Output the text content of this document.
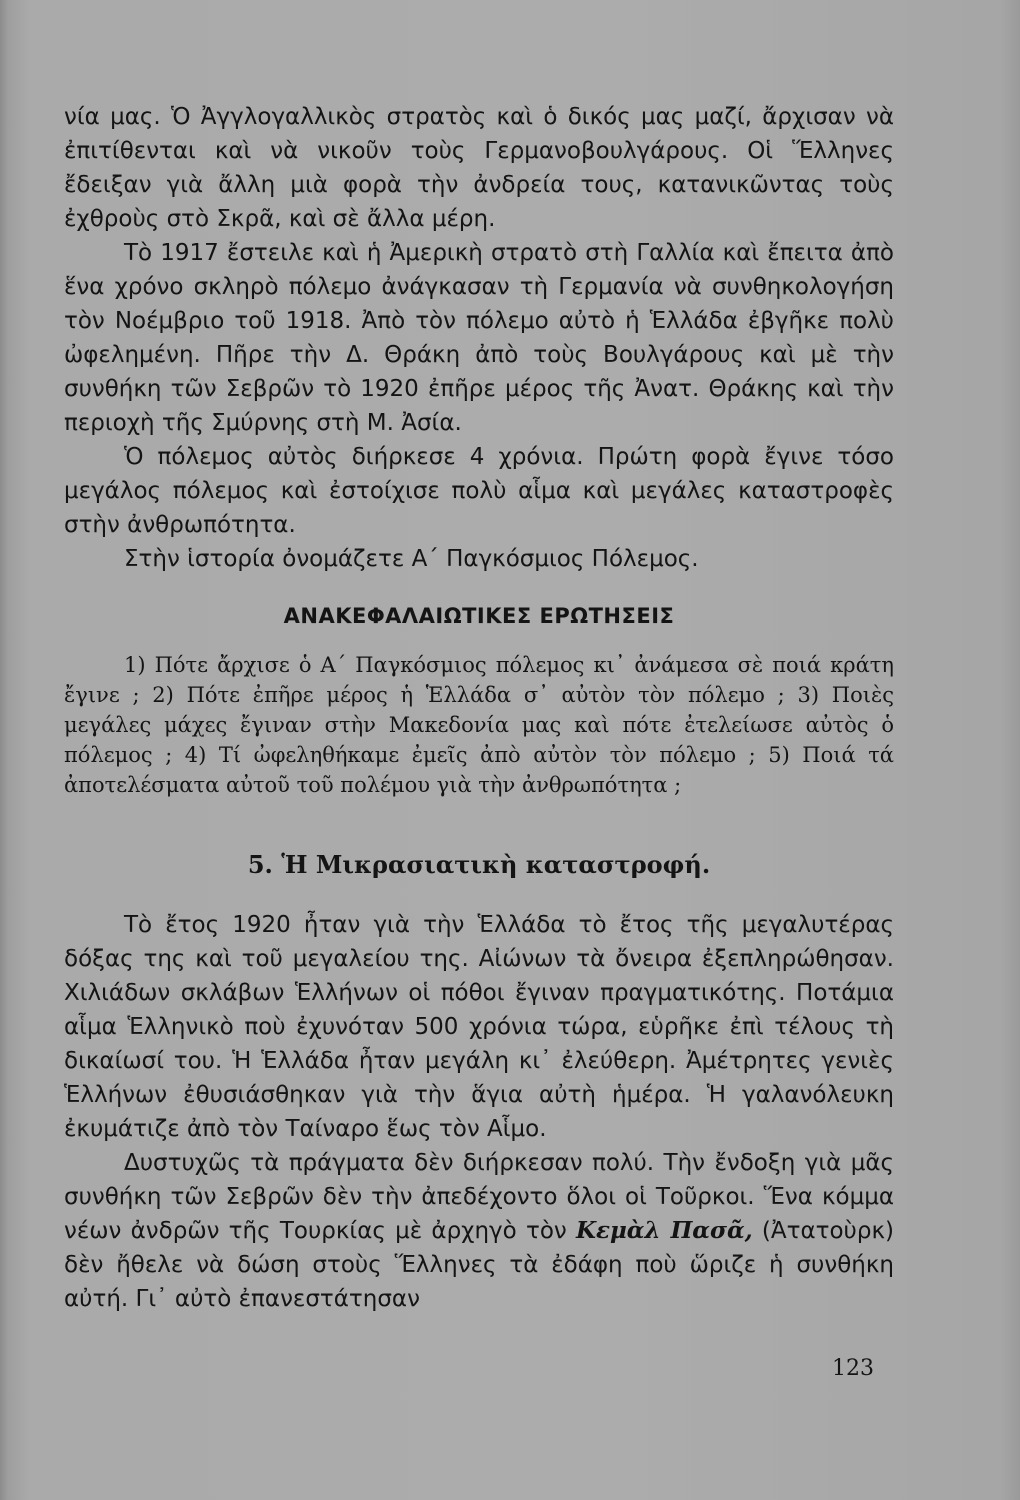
νία μας. Ὁ Ἀγγλογαλλικὸς στρατὸς καὶ ὁ δικός μας μαζί, ἄρχισαν νὰ ἐπιτίθενται καὶ νὰ νικοῦν τοὺς Γερμανοβουλγάρους. Οἱ Ἕλληνες ἔδειξαν γιὰ ἄλλη μιὰ φορὰ τὴν ἀνδρεία τους, κατανικῶντας τοὺς ἐχθροὺς στὸ Σκρᾶ, καὶ σὲ ἄλλα μέρη.

Τὸ 1917 ἔστειλε καὶ ἡ Ἀμερικὴ στρατὸ στὴ Γαλλία καὶ ἔπειτα ἀπὸ ἕνα χρόνο σκληρὸ πόλεμο ἀνάγκασαν τὴ Γερμανία νὰ συνθηκολογήση τὸν Νοέμβριο τοῦ 1918. Ἀπὸ τὸν πόλεμο αὐτὸ ἡ Ἑλλάδα ἐβγῆκε πολὺ ὠφελημένη. Πῆρε τὴν Δ. Θράκη ἀπὸ τοὺς Βουλγάρους καὶ μὲ τὴν συνθήκη τῶν Σεβρῶν τὸ 1920 ἐπῆρε μέρος τῆς Ἀνατ. Θράκης καὶ τὴν περιοχὴ τῆς Σμύρνης στὴ Μ. Ἀσία.

Ὁ πόλεμος αὐτὸς διήρκεσε 4 χρόνια. Πρώτη φορὰ ἔγινε τόσο μεγάλος πόλεμος καὶ ἐστοίχισε πολὺ αἷμα καὶ μεγάλες καταστροφὲς στὴν ἀνθρωπότητα.

Στὴν ἱστορία ὀνομάζετε Α΄ Παγκόσμιος Πόλεμος.

ΑΝΑΚΕΦΑΛΑΙΩΤΙΚΕΣ ΕΡΩΤΗΣΕΙΣ

1) Πότε ἄρχισε ὁ Α΄ Παγκόσμιος πόλεμος κι᾿ ἀνάμεσα σὲ ποιά κράτη ἔγινε ; 2) Πότε ἐπῆρε μέρος ἡ Ἑλλάδα σ᾿ αὐτὸν τὸν πόλεμο ; 3) Ποιὲς μεγάλες μάχες ἔγιναν στὴν Μακεδονία μας καὶ πότε ἐτελείωσε αὐτὸς ὁ πόλεμος ; 4) Τί ὠφεληθήκαμε ἐμεῖς ἀπὸ αὐτὸν τὸν πόλεμο ; 5) Ποιά τά ἀποτελέσματα αὐτοῦ τοῦ πολέμου γιὰ τὴν ἀνθρωπότητα ;

5. Ἡ Μικρασιατικὴ καταστροφή.

Τὸ ἔτος 1920 ἦταν γιὰ τὴν Ἑλλάδα τὸ ἔτος τῆς μεγαλυτέρας δόξας της καὶ τοῦ μεγαλείου της. Αἰώνων τὰ ὄνειρα ἐξεπληρώθησαν. Χιλιάδων σκλάβων Ἑλλήνων οἱ πόθοι ἔγιναν πραγματικότης. Ποτάμια αἷμα Ἑλληνικὸ ποὺ ἐχυνόταν 500 χρόνια τώρα, εὑρῆκε ἐπὶ τέλους τὴ δικαίωσί του. Ἡ Ἑλλάδα ἦταν μεγάλη κι᾿ ἐλεύθερη. Ἀμέτρητες γενιὲς Ἑλλήνων ἐθυσιάσθηκαν γιὰ τὴν ἅγια αὐτὴ ἡμέρα. Ἡ γαλανόλευκη ἐκυμάτιζε ἀπὸ τὸν Ταίναρο ἕως τὸν Αἷμο.

Δυστυχῶς τὰ πράγματα δὲν διήρκεσαν πολύ. Τὴν ἔνδοξη γιὰ μᾶς συνθήκη τῶν Σεβρῶν δὲν τὴν ἀπεδέχοντο ὅλοι οἱ Τοῦρκοι. Ἕνα κόμμα νέων ἀνδρῶν τῆς Τουρκίας μὲ ἀρχηγὸ τὸν Κεμὰλ Πασᾶ, (Ἀτατοὺρκ) δὲν ἤθελε νὰ δώση στοὺς Ἕλληνες τὰ ἐδάφη ποὺ ὥριζε ἡ συνθήκη αὐτή. Γι᾿ αὐτὸ ἐπανεστάτησαν

123
